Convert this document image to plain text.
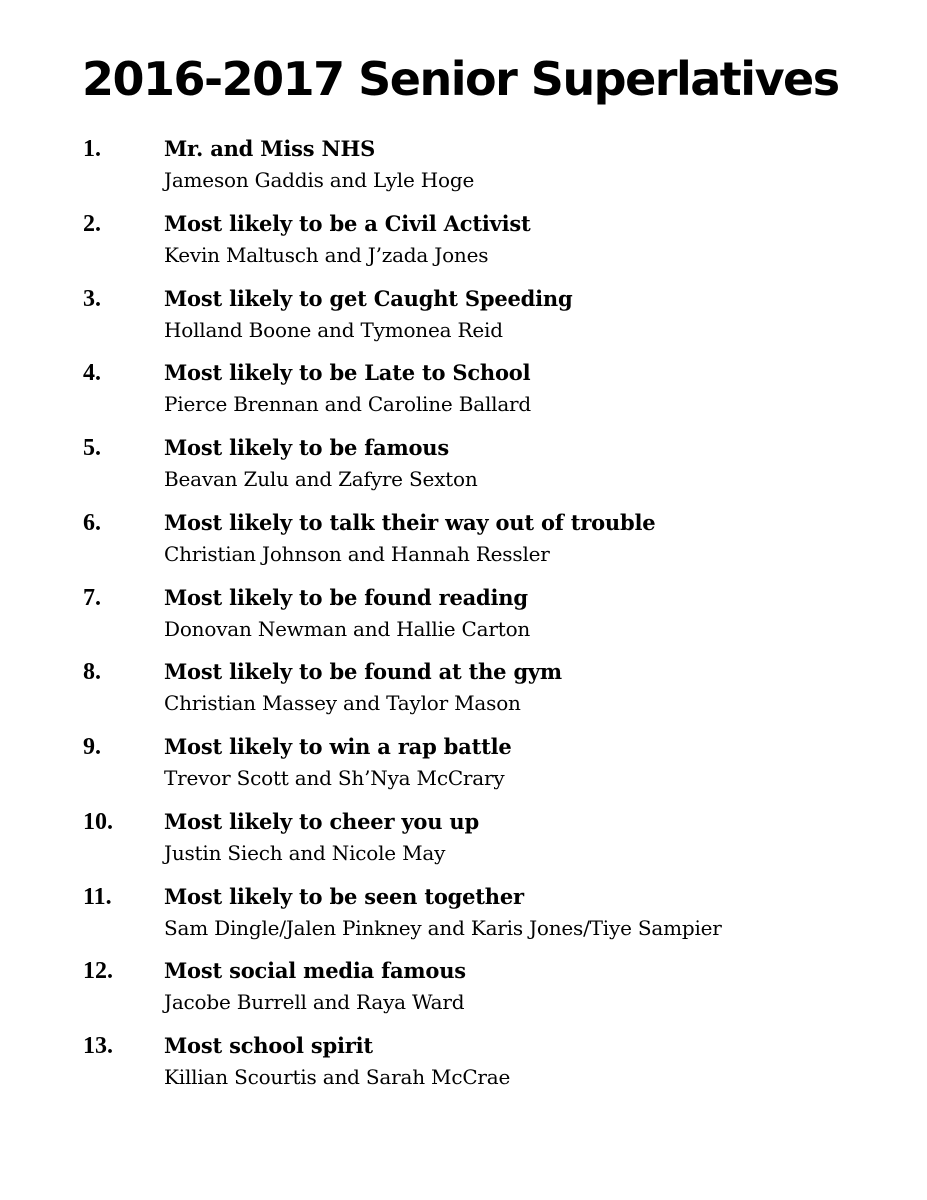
2016-2017 Senior Superlatives
1.	Mr. and Miss NHS
Jameson Gaddis and Lyle Hoge
2.	Most likely to be a Civil Activist
Kevin Maltusch and J’zada Jones
3.	Most likely to get Caught Speeding
Holland Boone and Tymonea Reid
4.	Most likely to be Late to School
Pierce Brennan and Caroline Ballard
5.	Most likely to be famous
Beavan Zulu and Zafyre Sexton
6.	Most likely to talk their way out of trouble
Christian Johnson and Hannah Ressler
7.	Most likely to be found reading
Donovan Newman and Hallie Carton
8.	Most likely to be found at the gym
Christian Massey and Taylor Mason
9.	Most likely to win a rap battle
Trevor Scott and Sh’Nya McCrary
10. Most likely to cheer you up
Justin Siech and Nicole May
11. Most likely to be seen together
Sam Dingle/Jalen Pinkney and Karis Jones/Tiye Sampier
12. Most social media famous
Jacobe Burrell and Raya Ward
13. Most school spirit
Killian Scourtis and Sarah McCrae
